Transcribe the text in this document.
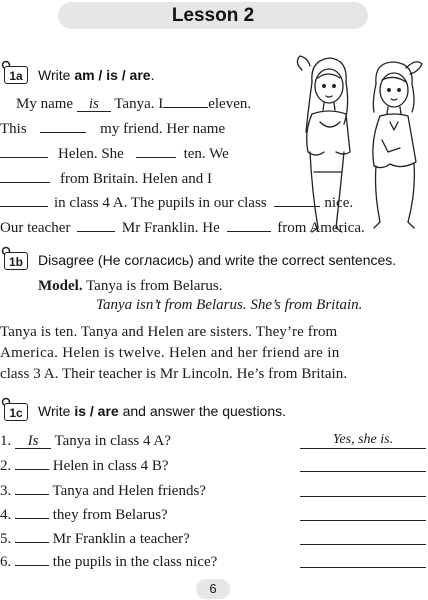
Lesson 2
1a	Write am / is / are.
My name is Tanya. I	eleven.
This	my friend. Her name
Helen. She	ten. We
from Britain. Helen and I
in class 4 A. The pupils in our class	nice.
Our teacher	Mr Franklin. He	from America.
1b	Disagree (Не согласись) and write the correct sentences.
Model. Tanya is from Belarus.
Tanya isn’t from Belarus. She’s from Britain.
Tanya is ten. Tanya and Helen are sisters. They’re from
America. Helen is twelve. Helen and her friend are in
class 3 A. Their teacher is Mr Lincoln. He’s from Britain.
1c	Write is / are and answer the questions.
1. Is Tanya in class 4 A?	Yes, she is.
2.	Helen in class 4 B?
3.	Tanya and Helen friends?
4.	they from Belarus?
5.	Mr Franklin a teacher?
6.	the pupils in the class nice?
6
